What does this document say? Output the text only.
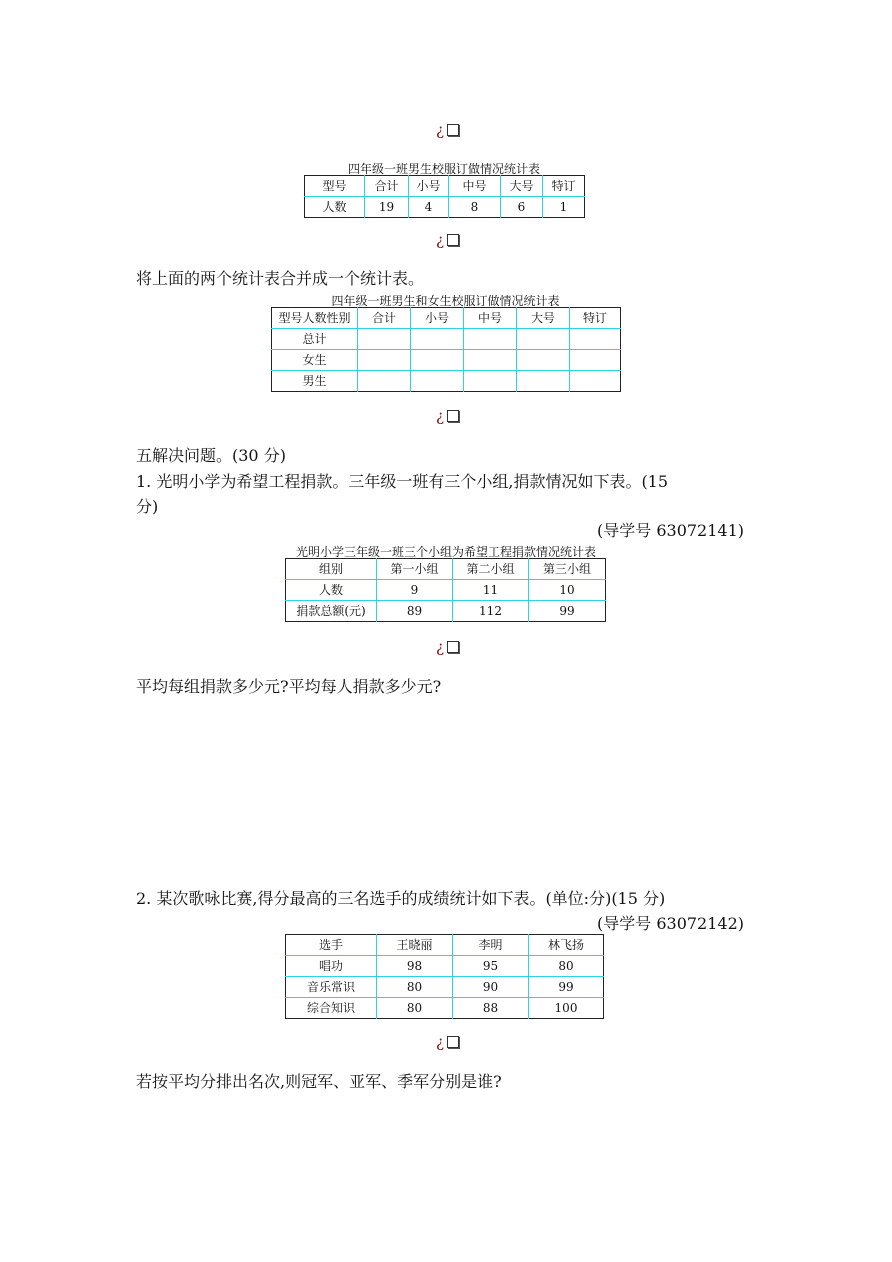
¿
四年级一班男生校服订做情况统计表
型号	合计	小号	中号	大号	特订
人数	19	4	8	6	1
¿
将上面的两个统计表合并成一个统计表。
四年级一班男生和女生校服订做情况统计表
型号人数性别	合计	小号	中号	大号	特订
总计					
女生					
男生					
¿
五解决问题。(30 分)
1. 光明小学为希望工程捐款。三年级一班有三个小组,捐款情况如下表。(15
分)
(导学号 63072141)
光明小学三年级一班三个小组为希望工程捐款情况统计表
组别	第一小组	第二小组	第三小组
人数	9	11	10
捐款总额(元)	89	112	99
¿
平均每组捐款多少元?平均每人捐款多少元?
2. 某次歌咏比赛,得分最高的三名选手的成绩统计如下表。(单位:分)(15 分)
(导学号 63072142)
选手	王晓丽	李明	林飞扬
唱功	98	95	80
音乐常识	80	90	99
综合知识	80	88	100
¿
若按平均分排出名次,则冠军、亚军、季军分别是谁?
